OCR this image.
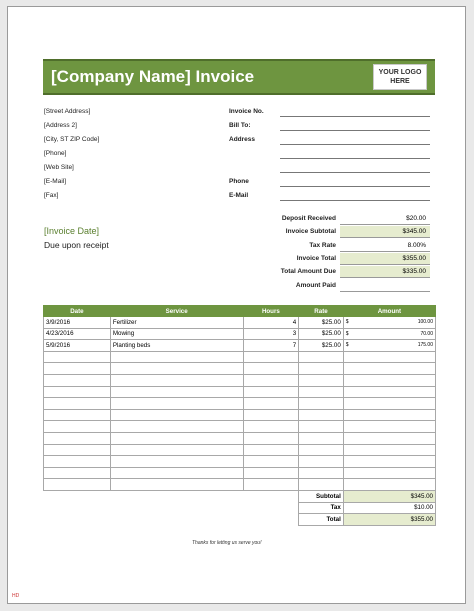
[Company Name] Invoice	YOUR LOGO
HERE
[Street Address]
[Address 2]
[City, ST ZIP Code]
[Phone]
[Web Site]
[E-Mail]
[Fax]
Invoice No.
Bill To:
Address
Phone
E-Mail
[Invoice Date]
Due upon receipt
Deposit Received	$20.00
Invoice Subtotal	$345.00
Tax Rate	8.00%
Invoice Total	$355.00
Total Amount Due	$335.00
Amount Paid
Date	Service	Hours	Rate	Amount
3/9/2016	Fertilizer	4	$25.00	$ 100.00

4/23/2016	Mowing	3	$25.00	$ 70.00

5/9/2016	Planting beds	7	$25.00	$ 175.00

			Subtotal	$345.00
			Tax	$10.00
			Total	$355.00
Thanks for letting us serve you!
HD
